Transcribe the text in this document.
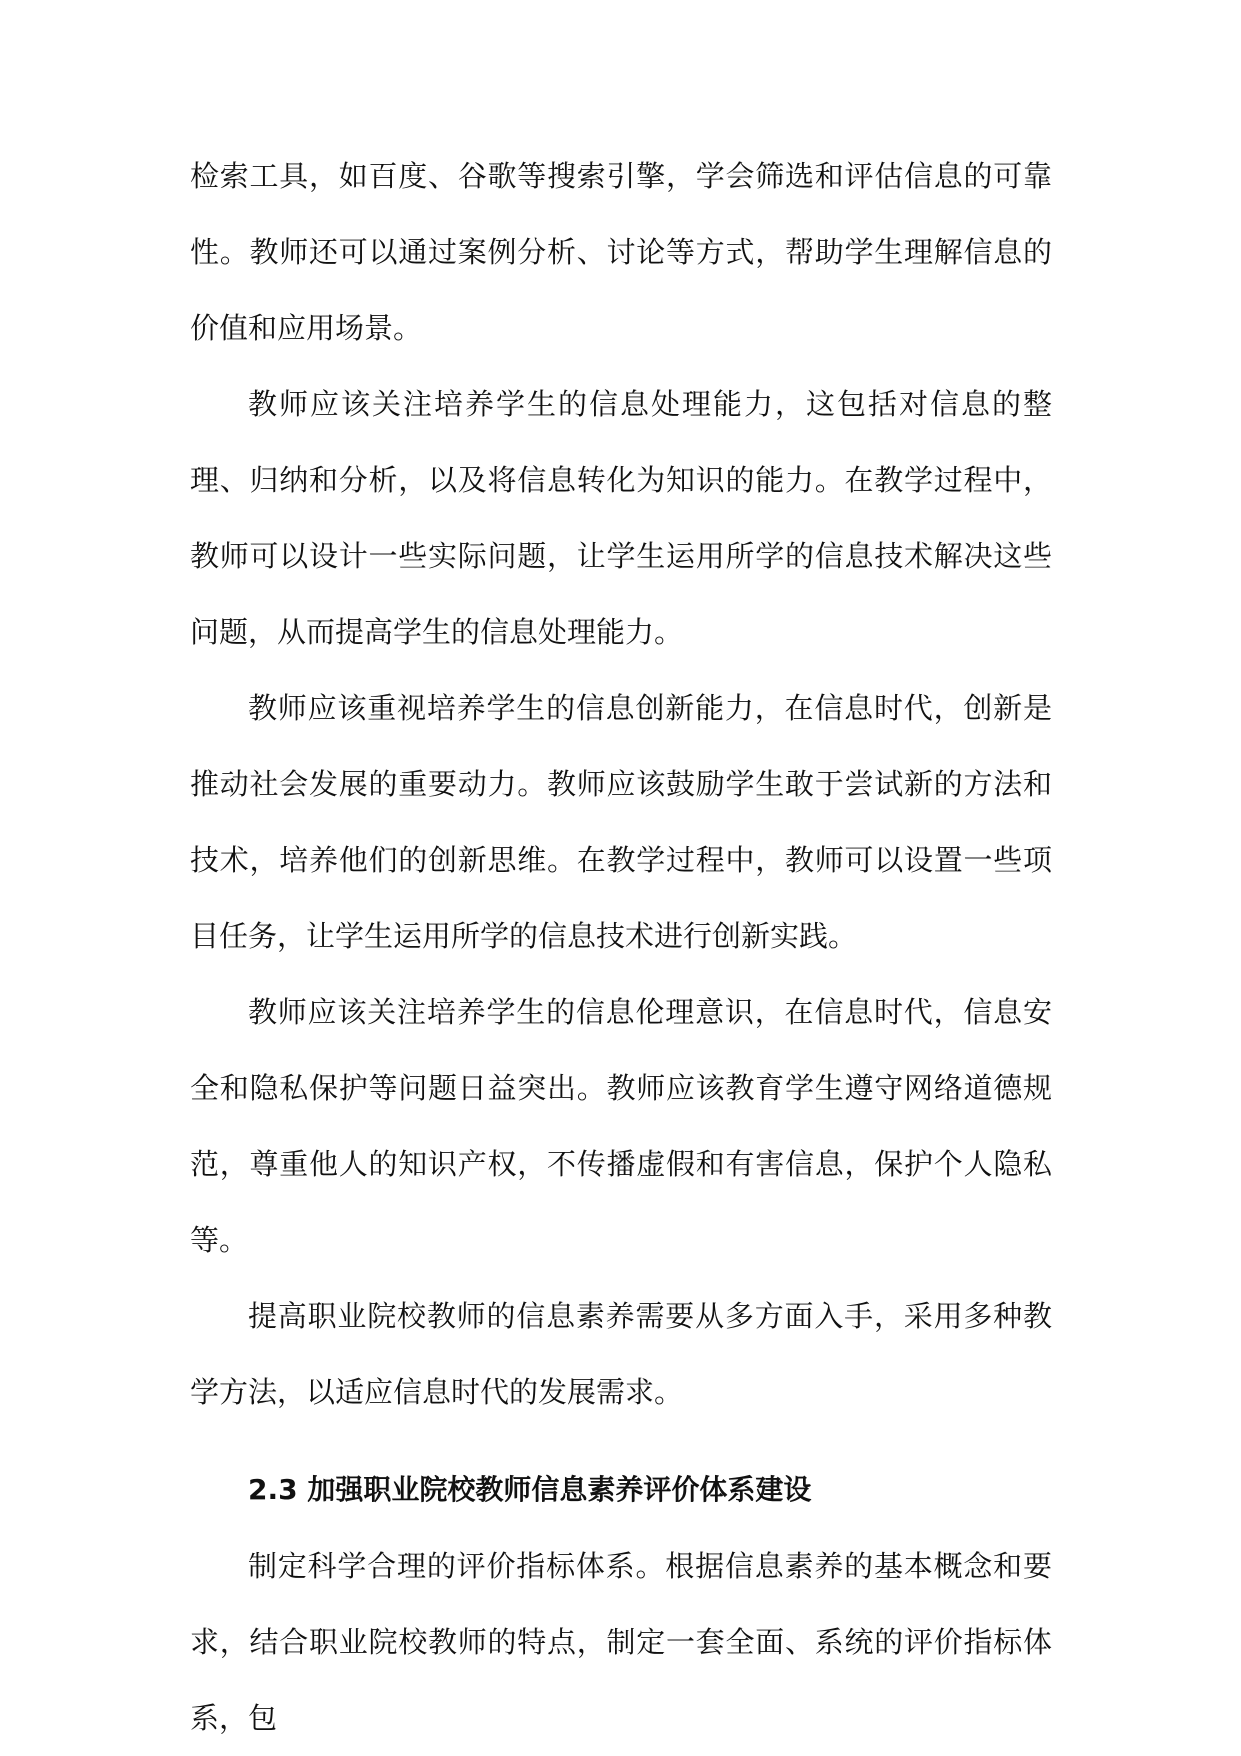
检索工具，如百度、谷歌等搜索引擎，学会筛选和评估信息的可靠性。教师还可以通过案例分析、讨论等方式，帮助学生理解信息的价值和应用场景。

教师应该关注培养学生的信息处理能力，这包括对信息的整理、归纳和分析，以及将信息转化为知识的能力。在教学过程中，教师可以设计一些实际问题，让学生运用所学的信息技术解决这些问题，从而提高学生的信息处理能力。

教师应该重视培养学生的信息创新能力，在信息时代，创新是推动社会发展的重要动力。教师应该鼓励学生敢于尝试新的方法和技术，培养他们的创新思维。在教学过程中，教师可以设置一些项目任务，让学生运用所学的信息技术进行创新实践。

教师应该关注培养学生的信息伦理意识，在信息时代，信息安全和隐私保护等问题日益突出。教师应该教育学生遵守网络道德规范，尊重他人的知识产权，不传播虚假和有害信息，保护个人隐私等。

提高职业院校教师的信息素养需要从多方面入手，采用多种教学方法，以适应信息时代的发展需求。

2.3 加强职业院校教师信息素养评价体系建设

制定科学合理的评价指标体系。根据信息素养的基本概念和要求，结合职业院校教师的特点，制定一套全面、系统的评价指标体系，包
